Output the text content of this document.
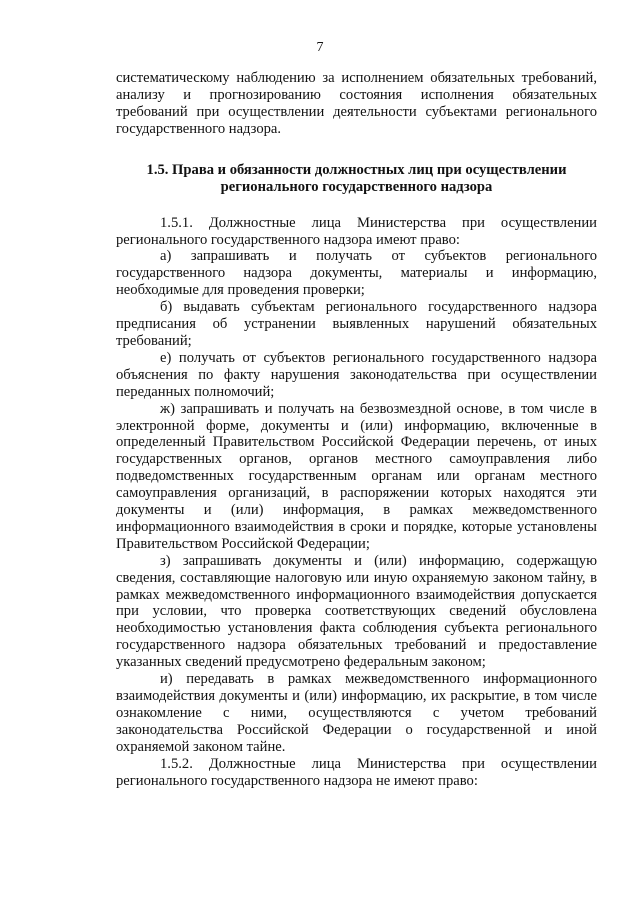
7

систематическому наблюдению за исполнением обязательных требований, анализу и прогнозированию состояния исполнения обязательных требований при осуществлении деятельности субъектами регионального государственного надзора.

1.5. Права и обязанности должностных лиц при осуществлении регионального государственного надзора

1.5.1. Должностные лица Министерства при осуществлении регионального государственного надзора имеют право:

а) запрашивать и получать от субъектов регионального государственного надзора документы, материалы и информацию, необходимые для проведения проверки;

б) выдавать субъектам регионального государственного надзора предписания об устранении выявленных нарушений обязательных требований;

е) получать от субъектов регионального государственного надзора объяснения по факту нарушения законодательства при осуществлении переданных полномочий;

ж) запрашивать и получать на безвозмездной основе, в том числе в электронной форме, документы и (или) информацию, включенные в определенный Правительством Российской Федерации перечень, от иных государственных органов, органов местного самоуправления либо подведомственных государственным органам или органам местного самоуправления организаций, в распоряжении которых находятся эти документы и (или) информация, в рамках межведомственного информационного взаимодействия в сроки и порядке, которые установлены Правительством Российской Федерации;

з) запрашивать документы и (или) информацию, содержащую сведения, составляющие налоговую или иную охраняемую законом тайну, в рамках межведомственного информационного взаимодействия допускается при условии, что проверка соответствующих сведений обусловлена необходимостью установления факта соблюдения субъекта регионального государственного надзора обязательных требований и предоставление указанных сведений предусмотрено федеральным законом;

и) передавать в рамках межведомственного информационного взаимодействия документы и (или) информацию, их раскрытие, в том числе ознакомление с ними, осуществляются с учетом требований законодательства Российской Федерации о государственной и иной охраняемой законом тайне.

1.5.2. Должностные лица Министерства при осуществлении регионального государственного надзора не имеют право:
